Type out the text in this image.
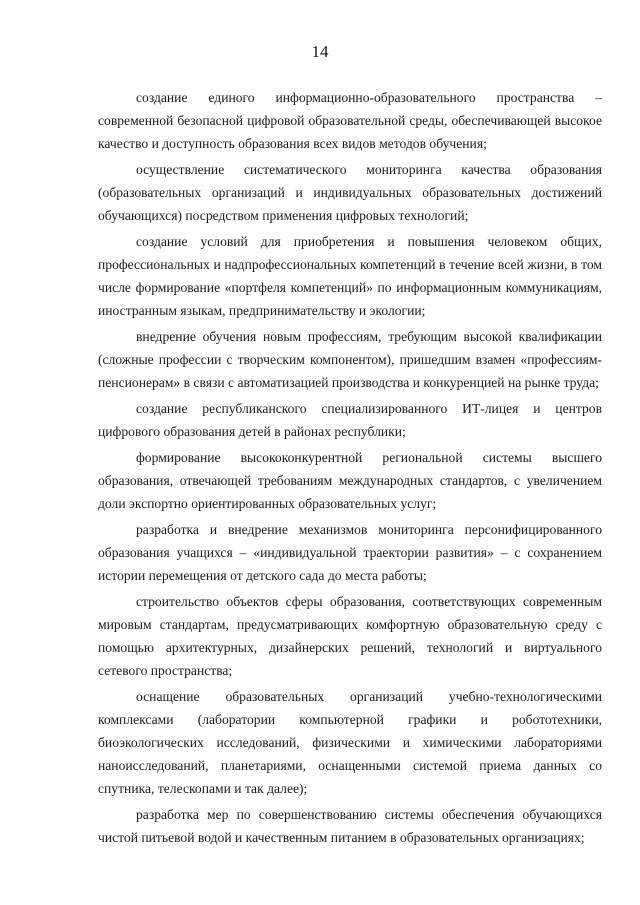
14

создание единого информационно-образовательного пространства – современной безопасной цифровой образовательной среды, обеспечивающей высокое качество и доступность образования всех видов методов обучения;

осуществление систематического мониторинга качества образования (образовательных организаций и индивидуальных образовательных достижений обучающихся) посредством применения цифровых технологий;

создание условий для приобретения и повышения человеком общих, профессиональных и надпрофессиональных компетенций в течение всей жизни, в том числе формирование «портфеля компетенций» по информационным коммуникациям, иностранным языкам, предпринимательству и экологии;

внедрение обучения новым профессиям, требующим высокой квалификации (сложные профессии с творческим компонентом), пришедшим взамен «профессиям-пенсионерам» в связи с автоматизацией производства и конкуренцией на рынке труда;

создание республиканского специализированного ИТ-лицея и центров цифрового образования детей в районах республики;

формирование высококонкурентной региональной системы высшего образования, отвечающей требованиям международных стандартов, с увеличением доли экспортно ориентированных образовательных услуг;

разработка и внедрение механизмов мониторинга персонифицированного образования учащихся – «индивидуальной траектории развития» – с сохранением истории перемещения от детского сада до места работы;

строительство объектов сферы образования, соответствующих современным мировым стандартам, предусматривающих комфортную образовательную среду с помощью архитектурных, дизайнерских решений, технологий и виртуального сетевого пространства;

оснащение образовательных организаций учебно-технологическими комплексами (лаборатории компьютерной графики и робототехники, биоэкологических исследований, физическими и химическими лабораториями наноисследований, планетариями, оснащенными системой приема данных со спутника, телескопами и так далее);

разработка мер по совершенствованию системы обеспечения обучающихся чистой питьевой водой и качественным питанием в образовательных организациях;
